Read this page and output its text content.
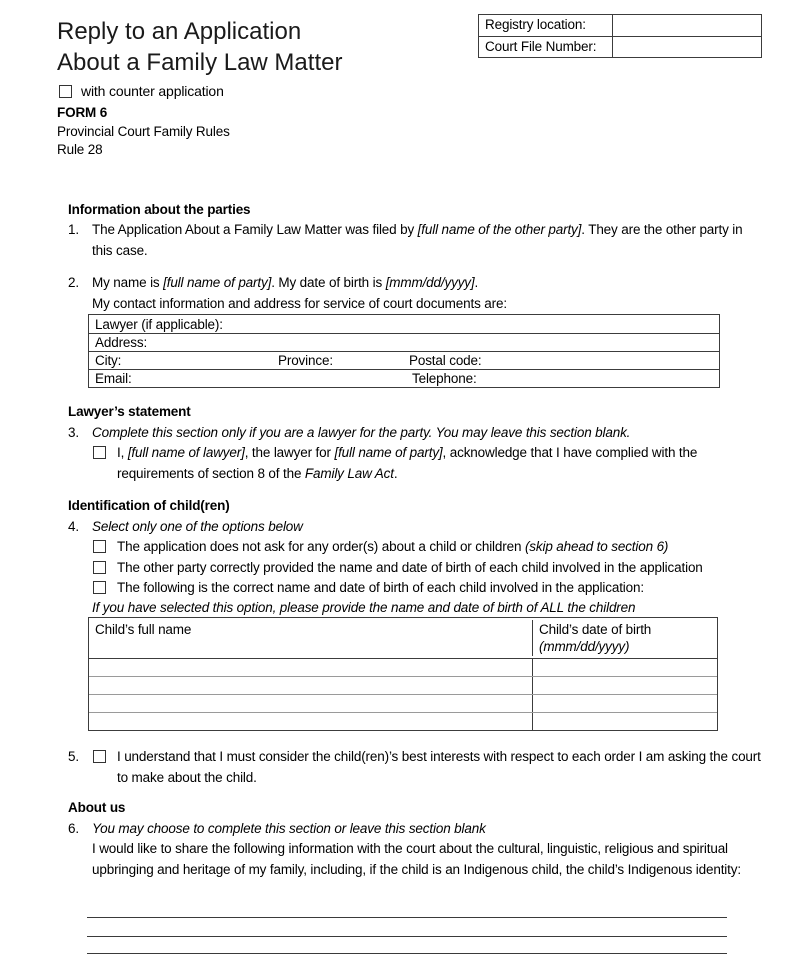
Reply to an Application
About a Family Law Matter
with counter application
FORM 6
Provincial Court Family Rules
Rule 28
Registry location:
Court File Number:
Information about the parties
1. The Application About a Family Law Matter was filed by [full name of the other party]. They are the other party in this case.
2. My name is [full name of party]. My date of birth is [mmm/dd/yyyy].
My contact information and address for service of court documents are:
Lawyer (if applicable):
Address:
City:	Province:	Postal code:
Email:	Telephone:
Lawyer’s statement
3. Complete this section only if you are a lawyer for the party. You may leave this section blank.
I, [full name of lawyer], the lawyer for [full name of party], acknowledge that I have complied with the requirements of section 8 of the Family Law Act.
Identification of child(ren)
4. Select only one of the options below
The application does not ask for any order(s) about a child or children (skip ahead to section 6)
The other party correctly provided the name and date of birth of each child involved in the application
The following is the correct name and date of birth of each child involved in the application:
If you have selected this option, please provide the name and date of birth of ALL the children
Child’s full name	Child’s date of birth
(mmm/dd/yyyy)
5.	I understand that I must consider the child(ren)’s best interests with respect to each order I am asking the court to make about the child.
About us
6. You may choose to complete this section or leave this section blank
I would like to share the following information with the court about the cultural, linguistic, religious and spiritual upbringing and heritage of my family, including, if the child is an Indigenous child, the child’s Indigenous identity:
